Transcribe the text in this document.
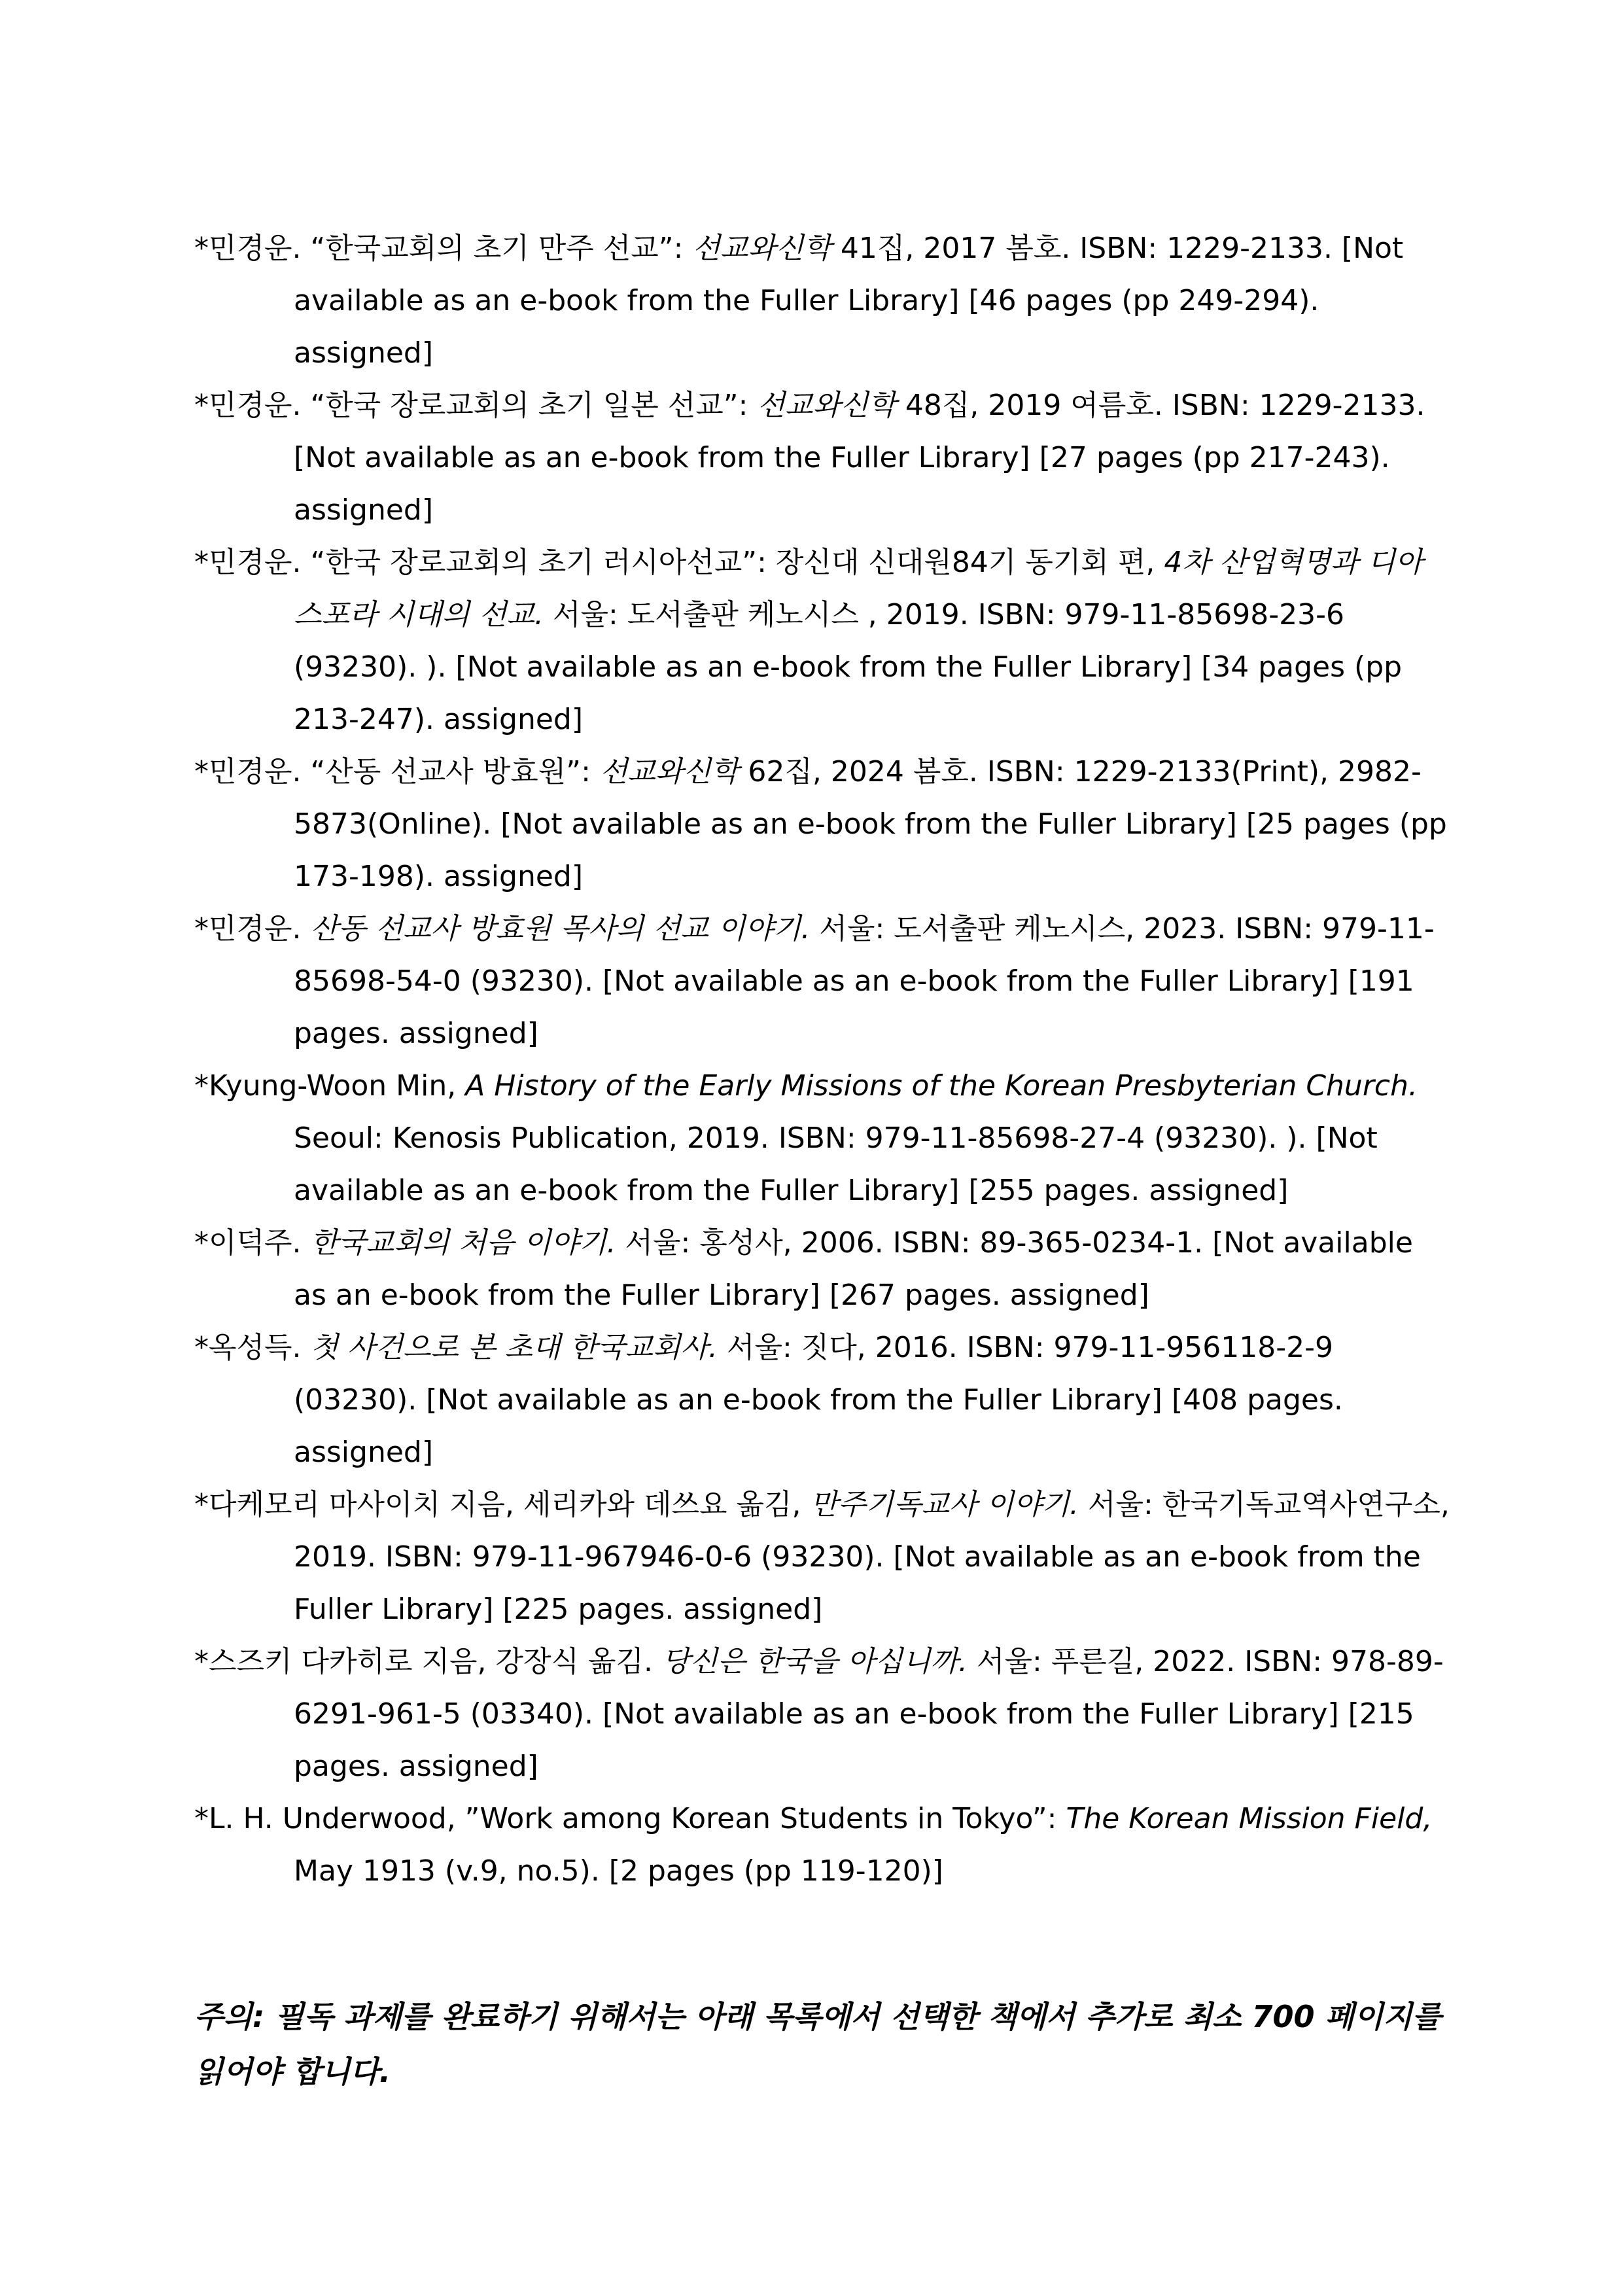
*민경운. “한국교회의 초기 만주 선교”: 선교와신학 41집, 2017 봄호. ISBN: 1229-2133. [Not available as an e-book from the Fuller Library] [46 pages (pp 249-294). assigned]

*민경운. “한국 장로교회의 초기 일본 선교”: 선교와신학 48집, 2019 여름호. ISBN: 1229-2133. [Not available as an e-book from the Fuller Library] [27 pages (pp 217-243). assigned]

*민경운. “한국 장로교회의 초기 러시아선교”: 장신대 신대원84기 동기회 편, 4차 산업혁명과 디아스포라 시대의 선교. 서울: 도서출판 케노시스 , 2019. ISBN: 979-11-85698-23-6 (93230). ). [Not available as an e-book from the Fuller Library] [34 pages (pp 213-247). assigned]

*민경운. “산동 선교사 방효원”: 선교와신학 62집, 2024 봄호. ISBN: 1229-2133(Print), 2982-5873(Online). [Not available as an e-book from the Fuller Library] [25 pages (pp 173-198). assigned]

*민경운. 산동 선교사 방효원 목사의 선교 이야기. 서울: 도서출판 케노시스, 2023. ISBN: 979-11-85698-54-0 (93230). [Not available as an e-book from the Fuller Library] [191 pages. assigned]

*Kyung-Woon Min, A History of the Early Missions of the Korean Presbyterian Church. Seoul: Kenosis Publication, 2019. ISBN: 979-11-85698-27-4 (93230). ). [Not available as an e-book from the Fuller Library] [255 pages. assigned]

*이덕주. 한국교회의 처음 이야기. 서울: 홍성사, 2006. ISBN: 89-365-0234-1. [Not available as an e-book from the Fuller Library] [267 pages. assigned]

*옥성득. 첫 사건으로 본 초대 한국교회사. 서울: 짓다, 2016. ISBN: 979-11-956118-2-9 (03230). [Not available as an e-book from the Fuller Library] [408 pages. assigned]

*다케모리 마사이치 지음, 세리카와 데쓰요 옮김, 만주기독교사 이야기. 서울: 한국기독교역사연구소, 2019. ISBN: 979-11-967946-0-6 (93230). [Not available as an e-book from the Fuller Library] [225 pages. assigned]

*스즈키 다카히로 지음, 강장식 옮김. 당신은 한국을 아십니까. 서울: 푸른길, 2022. ISBN: 978-89-6291-961-5 (03340). [Not available as an e-book from the Fuller Library] [215 pages. assigned]

*L. H. Underwood, ”Work among Korean Students in Tokyo”: The Korean Mission Field, May 1913 (v.9, no.5). [2 pages (pp 119-120)]

주의: 필독 과제를 완료하기 위해서는 아래 목록에서 선택한 책에서 추가로 최소 700 페이지를 읽어야 합니다.
